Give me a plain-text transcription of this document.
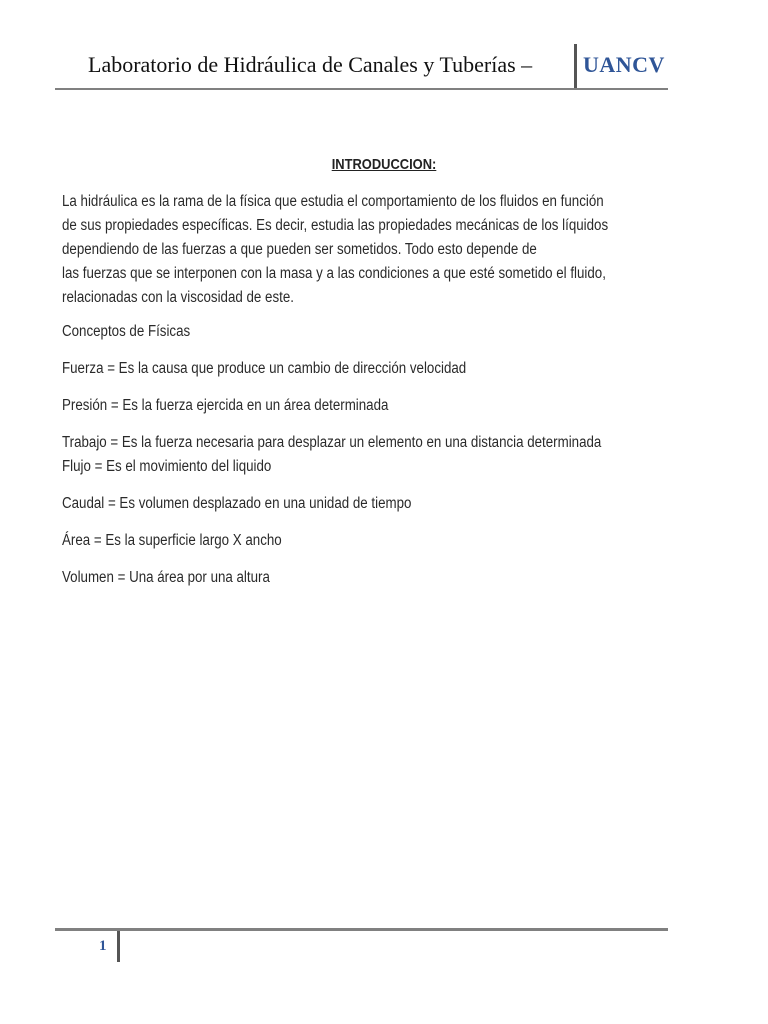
Laboratorio de Hidráulica de Canales y Tuberías – UANCV
INTRODUCCION:

La hidráulica es la rama de la física que estudia el comportamiento de los fluidos en función
de sus propiedades específicas. Es decir, estudia las propiedades mecánicas de los líquidos
dependiendo de las fuerzas a que pueden ser sometidos. Todo esto depende de
las fuerzas que se interponen con la masa y a las condiciones a que esté sometido el fluido,
relacionadas con la viscosidad de este.

Conceptos de Físicas

Fuerza = Es la causa que produce un cambio de dirección velocidad

Presión = Es la fuerza ejercida en un área determinada

Trabajo = Es la fuerza necesaria para desplazar un elemento en una distancia determinada

Flujo = Es el movimiento del liquido

Caudal = Es volumen desplazado en una unidad de tiempo

Área = Es la superficie largo X ancho

Volumen = Una área por una altura

1
